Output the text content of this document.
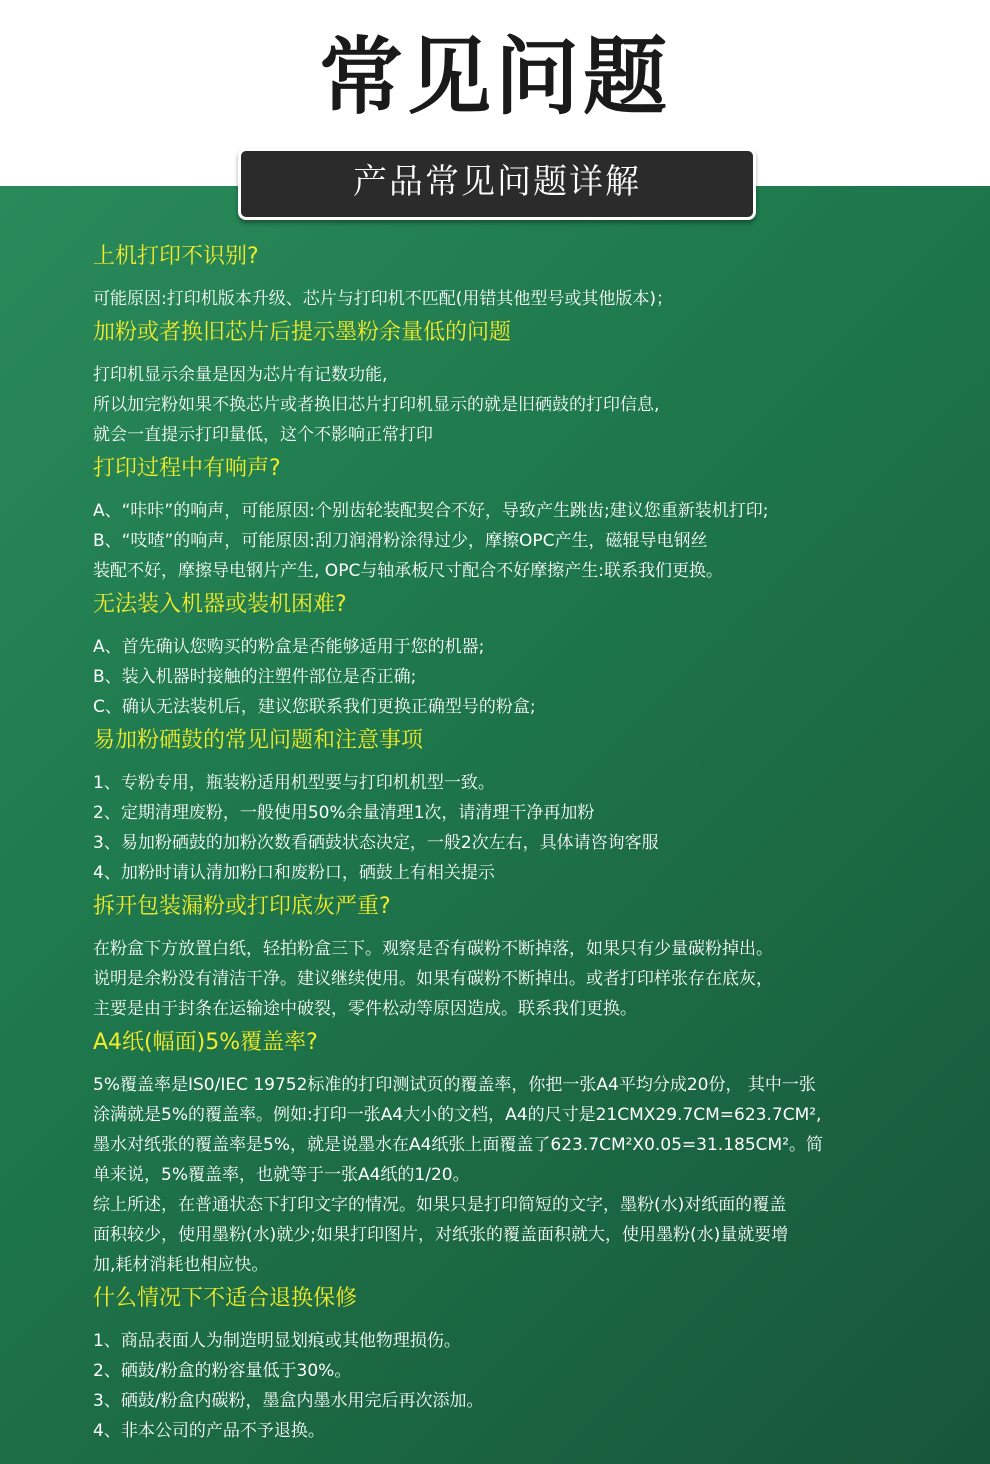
常见问题
产品常见问题详解

上机打印不识别?

可能原因:打印机版本升级、芯片与打印机不匹配(用错其他型号或其他版本)；

加粉或者换旧芯片后提示墨粉余量低的问题

打印机显示余量是因为芯片有记数功能,

所以加完粉如果不换芯片或者换旧芯片打印机显示的就是旧硒鼓的打印信息,

就会一直提示打印量低，这个不影响正常打印

打印过程中有响声?

A、“咔咔”的响声，可能原因:个别齿轮装配契合不好，导致产生跳齿;建议您重新装机打印;

B、“吱喳”的响声，可能原因:刮刀润滑粉涂得过少，摩擦OPC产生，磁辊导电钢丝

装配不好，摩擦导电钢片产生, OPC与轴承板尺寸配合不好摩擦产生:联系我们更换。

无法装入机器或装机困难?

A、首先确认您购买的粉盒是否能够适用于您的机器;

B、装入机器时接触的注塑件部位是否正确;

C、确认无法装机后，建议您联系我们更换正确型号的粉盒;

易加粉硒鼓的常见问题和注意事项

1、专粉专用，瓶装粉适用机型要与打印机机型一致。

2、定期清理废粉，一般使用50%余量清理1次，请清理干净再加粉

3、易加粉硒鼓的加粉次数看硒鼓状态决定，一般2次左右，具体请咨询客服

4、加粉时请认清加粉口和废粉口，硒鼓上有相关提示

拆开包装漏粉或打印底灰严重?

在粉盒下方放置白纸，轻拍粉盒三下。观察是否有碳粉不断掉落，如果只有少量碳粉掉出。

说明是余粉没有清洁干净。建议继续使用。如果有碳粉不断掉出。或者打印样张存在底灰，

主要是由于封条在运输途中破裂，零件松动等原因造成。联系我们更换。

A4纸(幅面)5%覆盖率?

5%覆盖率是IS0/IEC 19752标准的打印测试页的覆盖率，你把一张A4平均分成20份， 其中一张

涂满就是5%的覆盖率。例如:打印一张A4大小的文档，A4的尺寸是21CMX29.7CM=623.7CM²,

墨水对纸张的覆盖率是5%，就是说墨水在A4纸张上面覆盖了623.7CM²X0.05=31.185CM²。简

单来说，5%覆盖率，也就等于一张A4纸的1/20。

综上所述，在普通状态下打印文字的情况。如果只是打印简短的文字，墨粉(水)对纸面的覆盖

面积较少，使用墨粉(水)就少;如果打印图片，对纸张的覆盖面积就大，使用墨粉(水)量就要增

加,耗材消耗也相应快。

什么情况下不适合退换保修

1、商品表面人为制造明显划痕或其他物理损伤。

2、硒鼓/粉盒的粉容量低于30%。

3、硒鼓/粉盒内碳粉，墨盒内墨水用完后再次添加。

4、非本公司的产品不予退换。
